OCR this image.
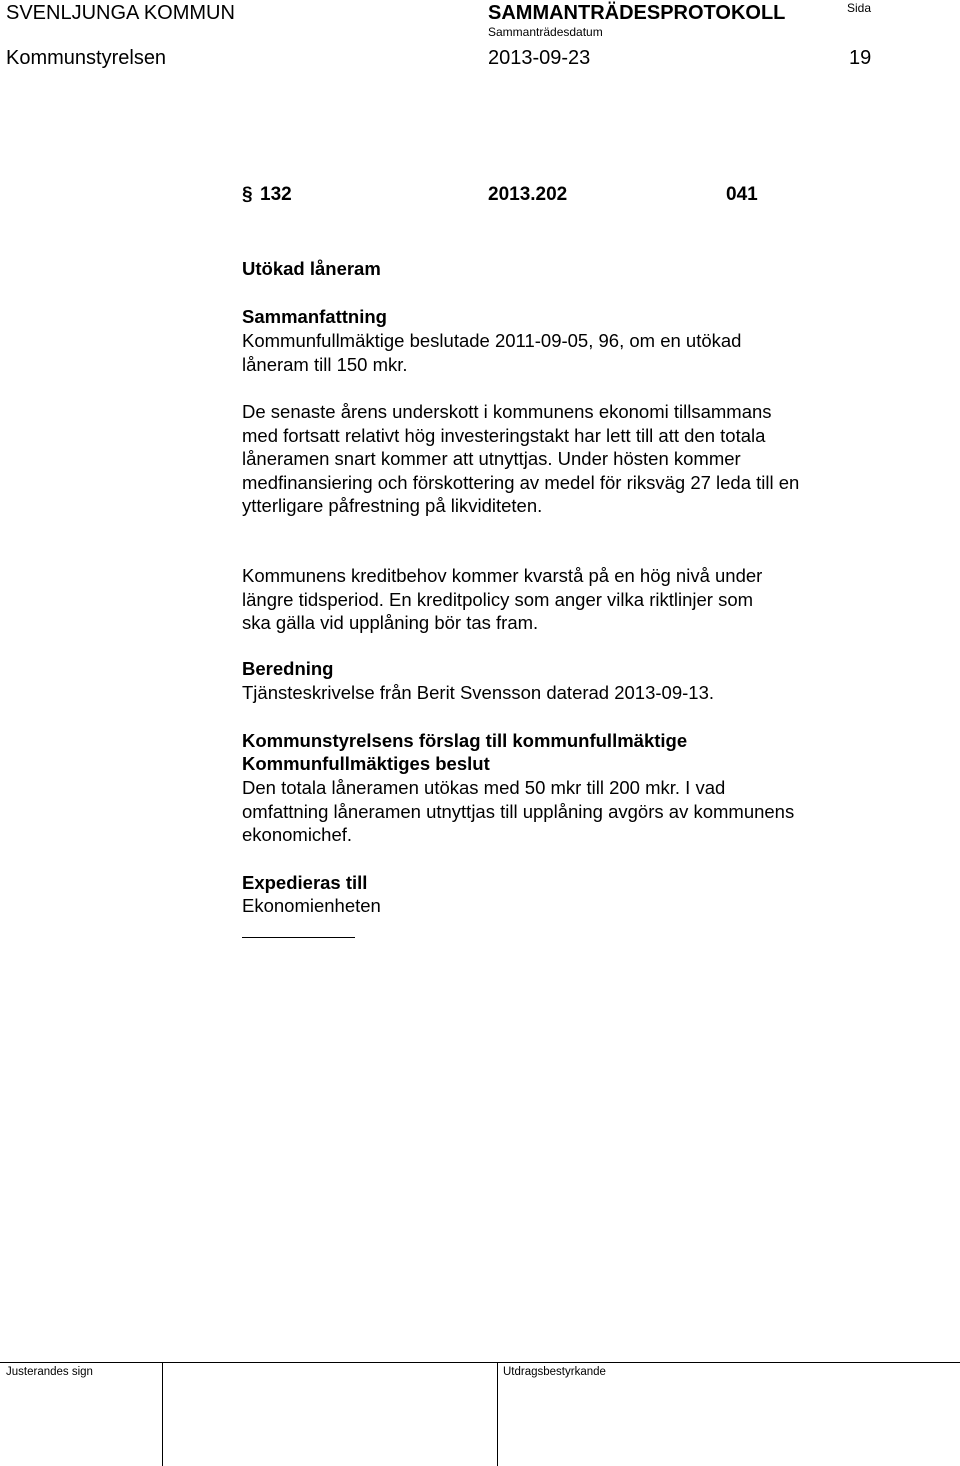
SVENLJUNGA KOMMUN	SAMMANTRÄDESPROTOKOLL	Sida
Sammanträdesdatum
Kommunstyrelsen	2013-09-23	19
§ 132	2013.202	041

Utökad låneram

Sammanfattning

Kommunfullmäktige beslutade 2011-09-05, 96, om en utökad låneram till 150 mkr.

De senaste årens underskott i kommunens ekonomi tillsammans med fortsatt relativt hög investeringstakt har lett till att den totala låneramen snart kommer att utnyttjas. Under hösten kommer medfinansiering och förskottering av medel för riksväg 27 leda till en ytterligare påfrestning på likviditeten.

Kommunens kreditbehov kommer kvarstå på en hög nivå under längre tidsperiod. En kreditpolicy som anger vilka riktlinjer som ska gälla vid upplåning bör tas fram.

Beredning

Tjänsteskrivelse från Berit Svensson daterad 2013-09-13.

Kommunstyrelsens förslag till kommunfullmäktige

Kommunfullmäktiges beslut

Den totala låneramen utökas med 50 mkr till 200 mkr. I vad omfattning låneramen utnyttjas till upplåning avgörs av kommunens ekonomichef.

Expedieras till

Ekonomienheten

Justerandes sign	Utdragsbestyrkande
